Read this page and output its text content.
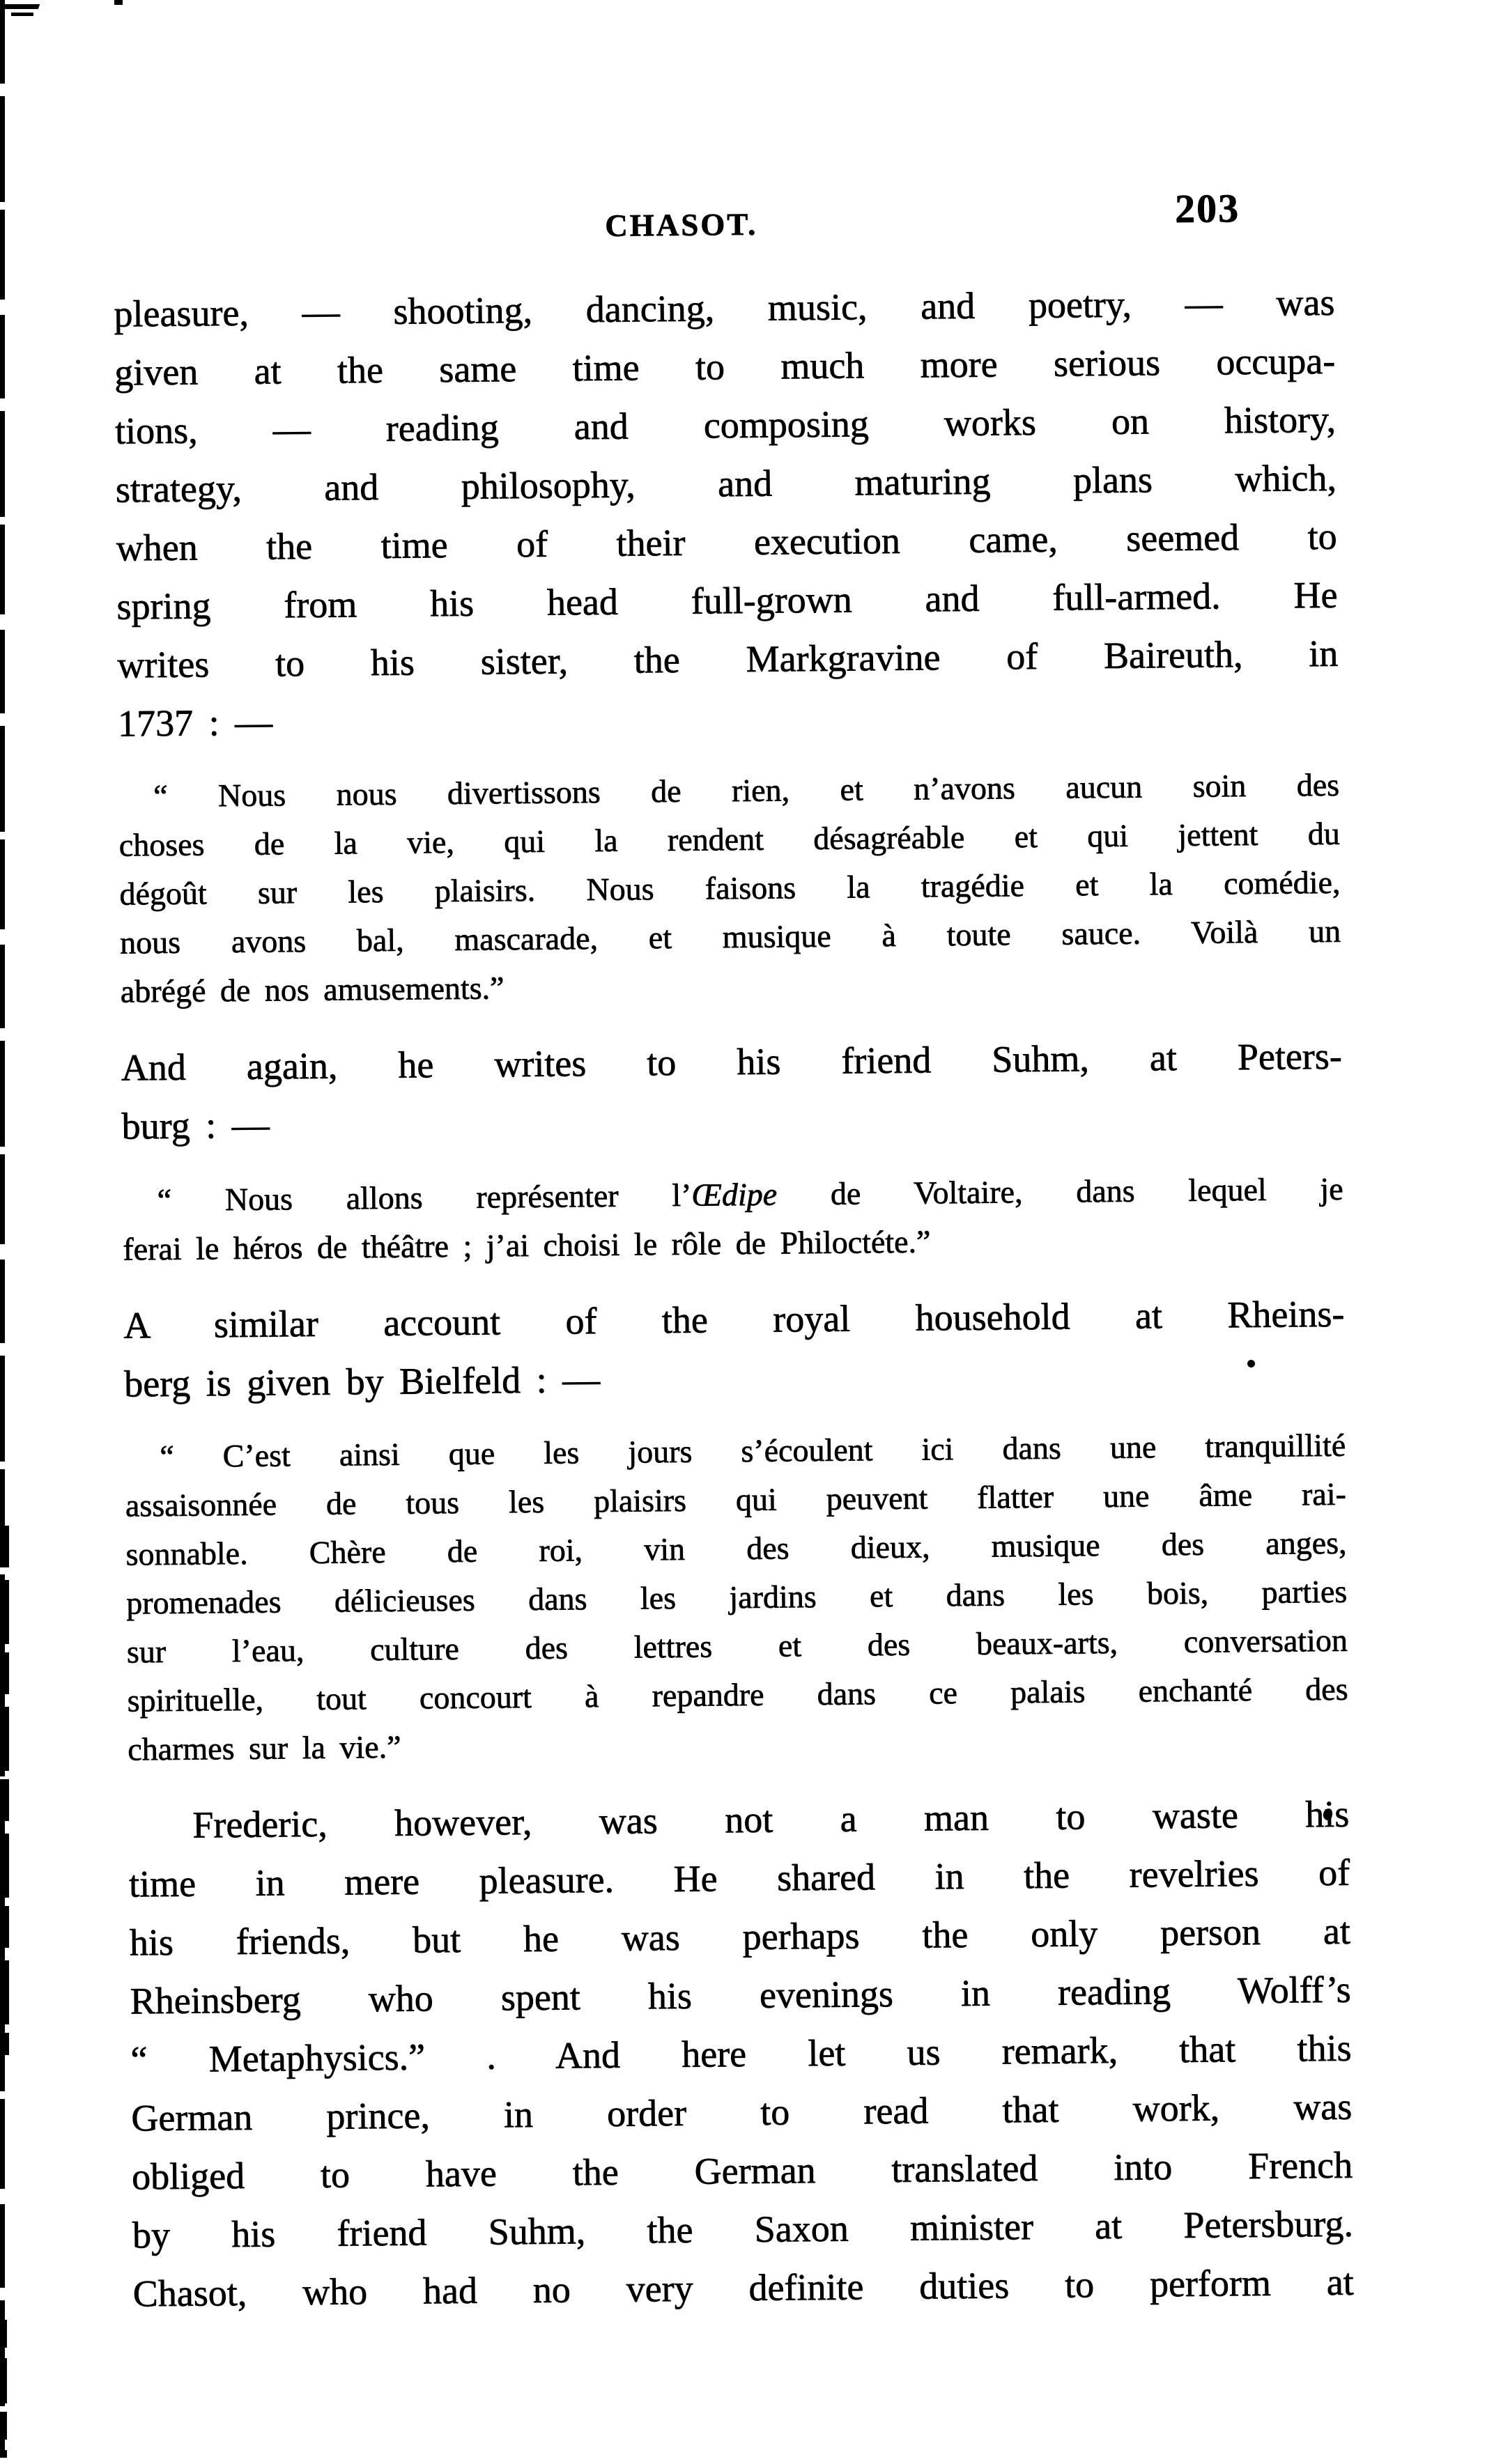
CHASOT.	203
pleasure, — shooting, dancing, music, and poetry, — was
given at the same time to much more serious occupa-
tions, — reading and composing works on history,
strategy, and philosophy, and maturing plans which,
when the time of their execution came, seemed to
spring from his head full-grown and full-armed. He
writes to his sister, the Markgravine of Baireuth, in
1737 : —
“ Nous nous divertissons de rien, et n’avons aucun soin des
choses de la vie, qui la rendent désagréable et qui jettent du
dégoût sur les plaisirs. Nous faisons la tragédie et la comédie,
nous avons bal, mascarade, et musique à toute sauce. Voilà un
abrégé de nos amusements.”
And again, he writes to his friend Suhm, at Peters-
burg : —
“ Nous allons représenter l’Œdipe de Voltaire, dans lequel je
ferai le héros de théâtre ; j’ai choisi le rôle de Philoctéte.”
A similar account of the royal household at Rheins-
berg is given by Bielfeld : —
“ C’est ainsi que les jours s’écoulent ici dans une tranquillité
assaisonnée de tous les plaisirs qui peuvent flatter une âme rai-
sonnable. Chère de roi, vin des dieux, musique des anges,
promenades délicieuses dans les jardins et dans les bois, parties
sur l’eau, culture des lettres et des beaux-arts, conversation
spirituelle, tout concourt à repandre dans ce palais enchanté des
charmes sur la vie.”
Frederic, however, was not a man to waste his
time in mere pleasure. He shared in the revelries of
his friends, but he was perhaps the only person at
Rheinsberg who spent his evenings in reading Wolff’s
“ Metaphysics.” . And here let us remark, that this
German prince, in order to read that work, was
obliged to have the German translated into French
by his friend Suhm, the Saxon minister at Petersburg.
Chasot, who had no very definite duties to perform at
